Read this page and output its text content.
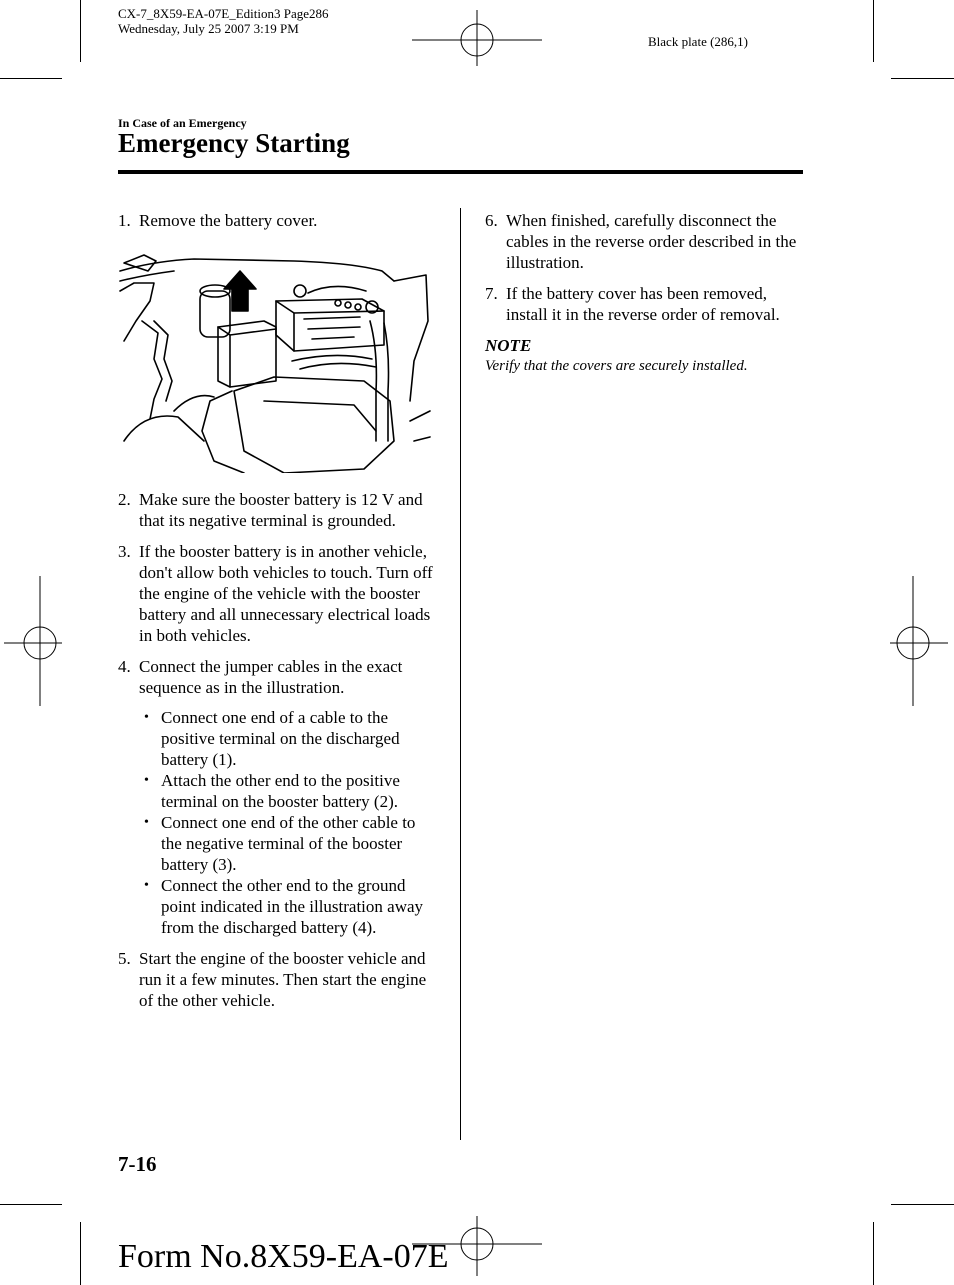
CX-7_8X59-EA-07E_Edition3 Page286
Wednesday, July 25 2007 3:19 PM
Black plate (286,1)
In Case of an Emergency
Emergency Starting
1. Remove the battery cover.
2. Make sure the booster battery is 12 V and that its negative terminal is grounded.
3. If the booster battery is in another vehicle, don't allow both vehicles to touch. Turn off the engine of the vehicle with the booster battery and all unnecessary electrical loads in both vehicles.
4. Connect the jumper cables in the exact sequence as in the illustration.
• Connect one end of a cable to the positive terminal on the discharged battery (1).
• Attach the other end to the positive terminal on the booster battery (2).
• Connect one end of the other cable to the negative terminal of the booster battery (3).
• Connect the other end to the ground point indicated in the illustration away from the discharged battery (4).
5. Start the engine of the booster vehicle and run it a few minutes. Then start the engine of the other vehicle.
6. When finished, carefully disconnect the cables in the reverse order described in the illustration.
7. If the battery cover has been removed, install it in the reverse order of removal.
NOTE
Verify that the covers are securely installed.
7-16
Form No.8X59-EA-07E
